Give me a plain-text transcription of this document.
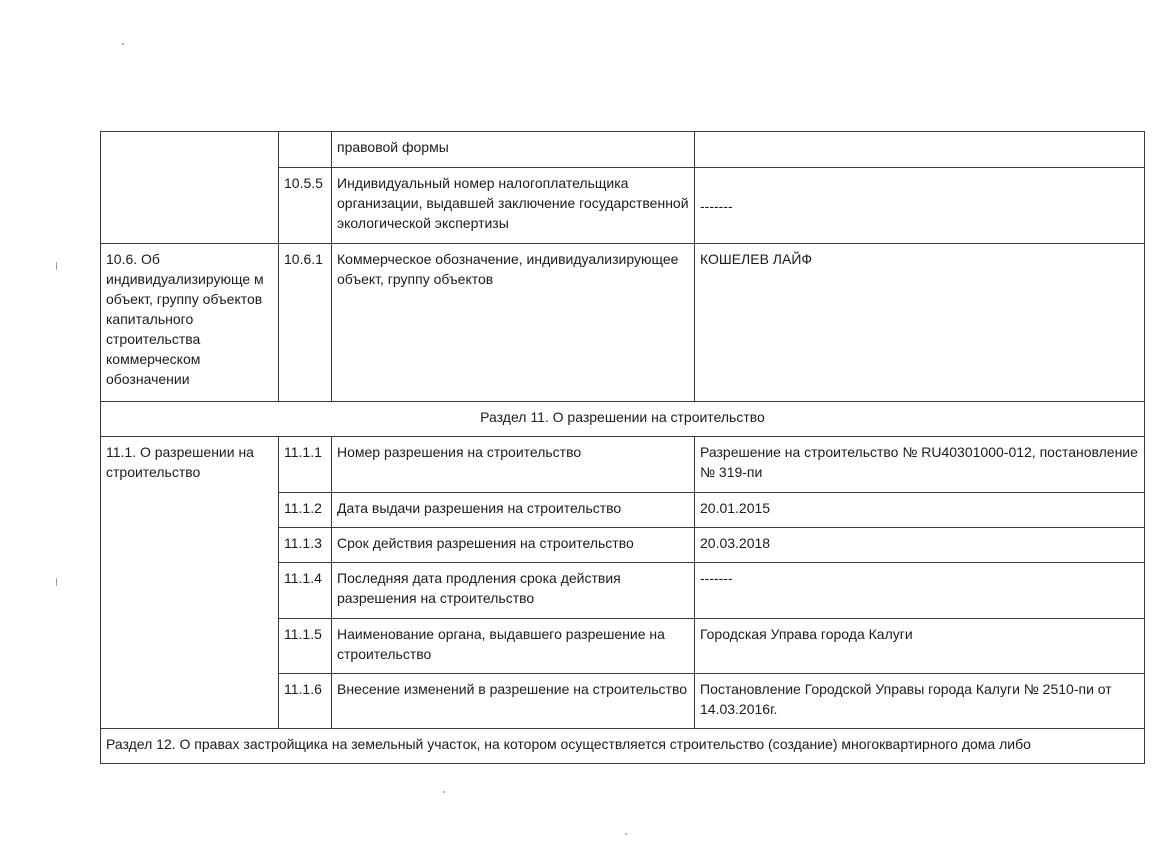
		правовой формы	
	10.5.5	Индивидуальный номер налогоплательщика организации, выдавшей заключение государственной экологической экспертизы	-------
10.6. Об индивидуализирующе м объект, группу объектов капитального строительства коммерческом обозначении	10.6.1	Коммерческое обозначение, индивидуализирующее объект, группу объектов	КОШЕЛЕВ ЛАЙФ
Раздел 11. О разрешении на строительство			
11.1. О разрешении на строительство	11.1.1	Номер разрешения на строительство	Разрешение на строительство № RU40301000-012, постановление № 319-пи
	11.1.2	Дата выдачи разрешения на строительство	20.01.2015
	11.1.3	Срок действия разрешения на строительство	20.03.2018
	11.1.4	Последняя дата продления срока действия разрешения на строительство	-------
	11.1.5	Наименование органа, выдавшего разрешение на строительство	Городская Управа города Калуги
	11.1.6	Внесение изменений в разрешение на строительство	Постановление Городской Управы города Калуги № 2510-пи от 14.03.2016г.
Раздел 12. О правах застройщика на земельный участок, на котором осуществляется строительство (создание) многоквартирного дома либо			
